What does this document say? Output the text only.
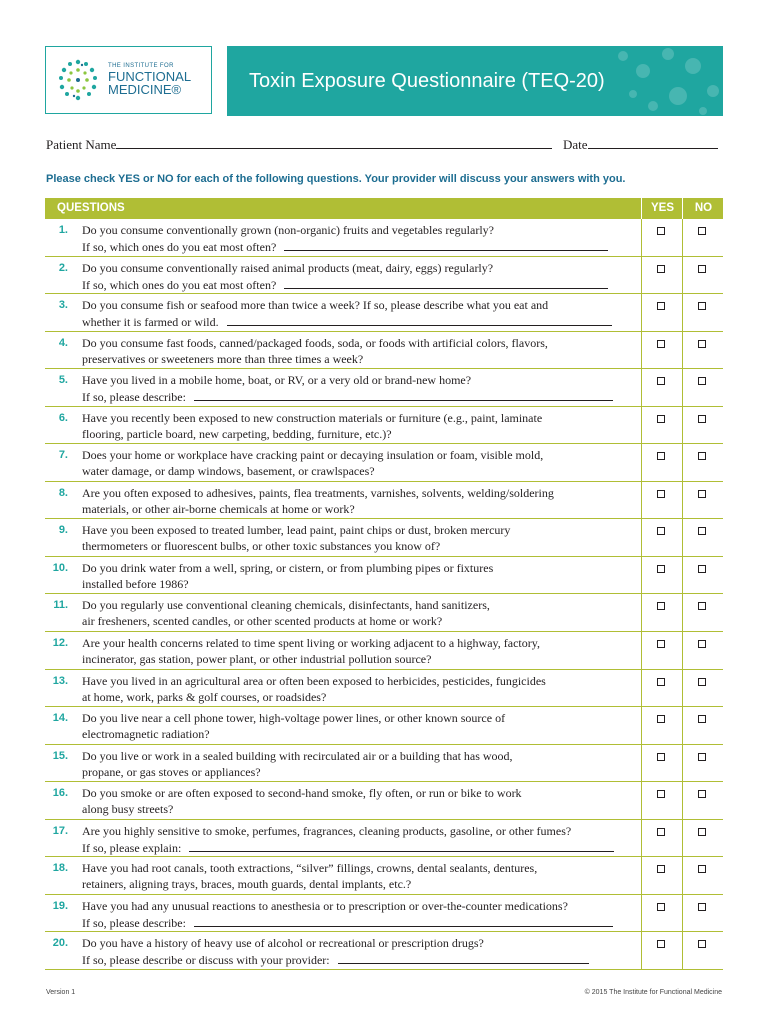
THE INSTITUTE FOR
FUNCTIONAL
MEDICINE®	Toxin Exposure Questionnaire (TEQ-20)
Patient Name	Date
Please check YES or NO for each of the following questions. Your provider will discuss your answers with you.
QUESTIONS	YES	NO
1. Do you consume conventionally grown (non-organic) fruits and vegetables regularly?
If so, which ones do you eat most often?
2. Do you consume conventionally raised animal products (meat, dairy, eggs) regularly?
If so, which ones do you eat most often?
3. Do you consume fish or seafood more than twice a week? If so, please describe what you eat and
whether it is farmed or wild.
4. Do you consume fast foods, canned/packaged foods, soda, or foods with artificial colors, flavors,
preservatives or sweeteners more than three times a week?
5. Have you lived in a mobile home, boat, or RV, or a very old or brand-new home?
If so, please describe:
6. Have you recently been exposed to new construction materials or furniture (e.g., paint, laminate
flooring, particle board, new carpeting, bedding, furniture, etc.)?
7. Does your home or workplace have cracking paint or decaying insulation or foam, visible mold,
water damage, or damp windows, basement, or crawlspaces?
8. Are you often exposed to adhesives, paints, flea treatments, varnishes, solvents, welding/soldering
materials, or other air-borne chemicals at home or work?
9. Have you been exposed to treated lumber, lead paint, paint chips or dust, broken mercury
thermometers or fluorescent bulbs, or other toxic substances you know of?
10. Do you drink water from a well, spring, or cistern, or from plumbing pipes or fixtures
installed before 1986?
11. Do you regularly use conventional cleaning chemicals, disinfectants, hand sanitizers,
air fresheners, scented candles, or other scented products at home or work?
12. Are your health concerns related to time spent living or working adjacent to a highway, factory,
incinerator, gas station, power plant, or other industrial pollution source?
13. Have you lived in an agricultural area or often been exposed to herbicides, pesticides, fungicides
at home, work, parks & golf courses, or roadsides?
14. Do you live near a cell phone tower, high-voltage power lines, or other known source of
electromagnetic radiation?
15. Do you live or work in a sealed building with recirculated air or a building that has wood,
propane, or gas stoves or appliances?
16. Do you smoke or are often exposed to second-hand smoke, fly often, or run or bike to work
along busy streets?
17. Are you highly sensitive to smoke, perfumes, fragrances, cleaning products, gasoline, or other fumes?
If so, please explain:
18. Have you had root canals, tooth extractions, “silver” fillings, crowns, dental sealants, dentures,
retainers, aligning trays, braces, mouth guards, dental implants, etc.?
19. Have you had any unusual reactions to anesthesia or to prescription or over-the-counter medications?
If so, please describe:
20. Do you have a history of heavy use of alcohol or recreational or prescription drugs?
If so, please describe or discuss with your provider:
Version 1	© 2015 The Institute for Functional Medicine
